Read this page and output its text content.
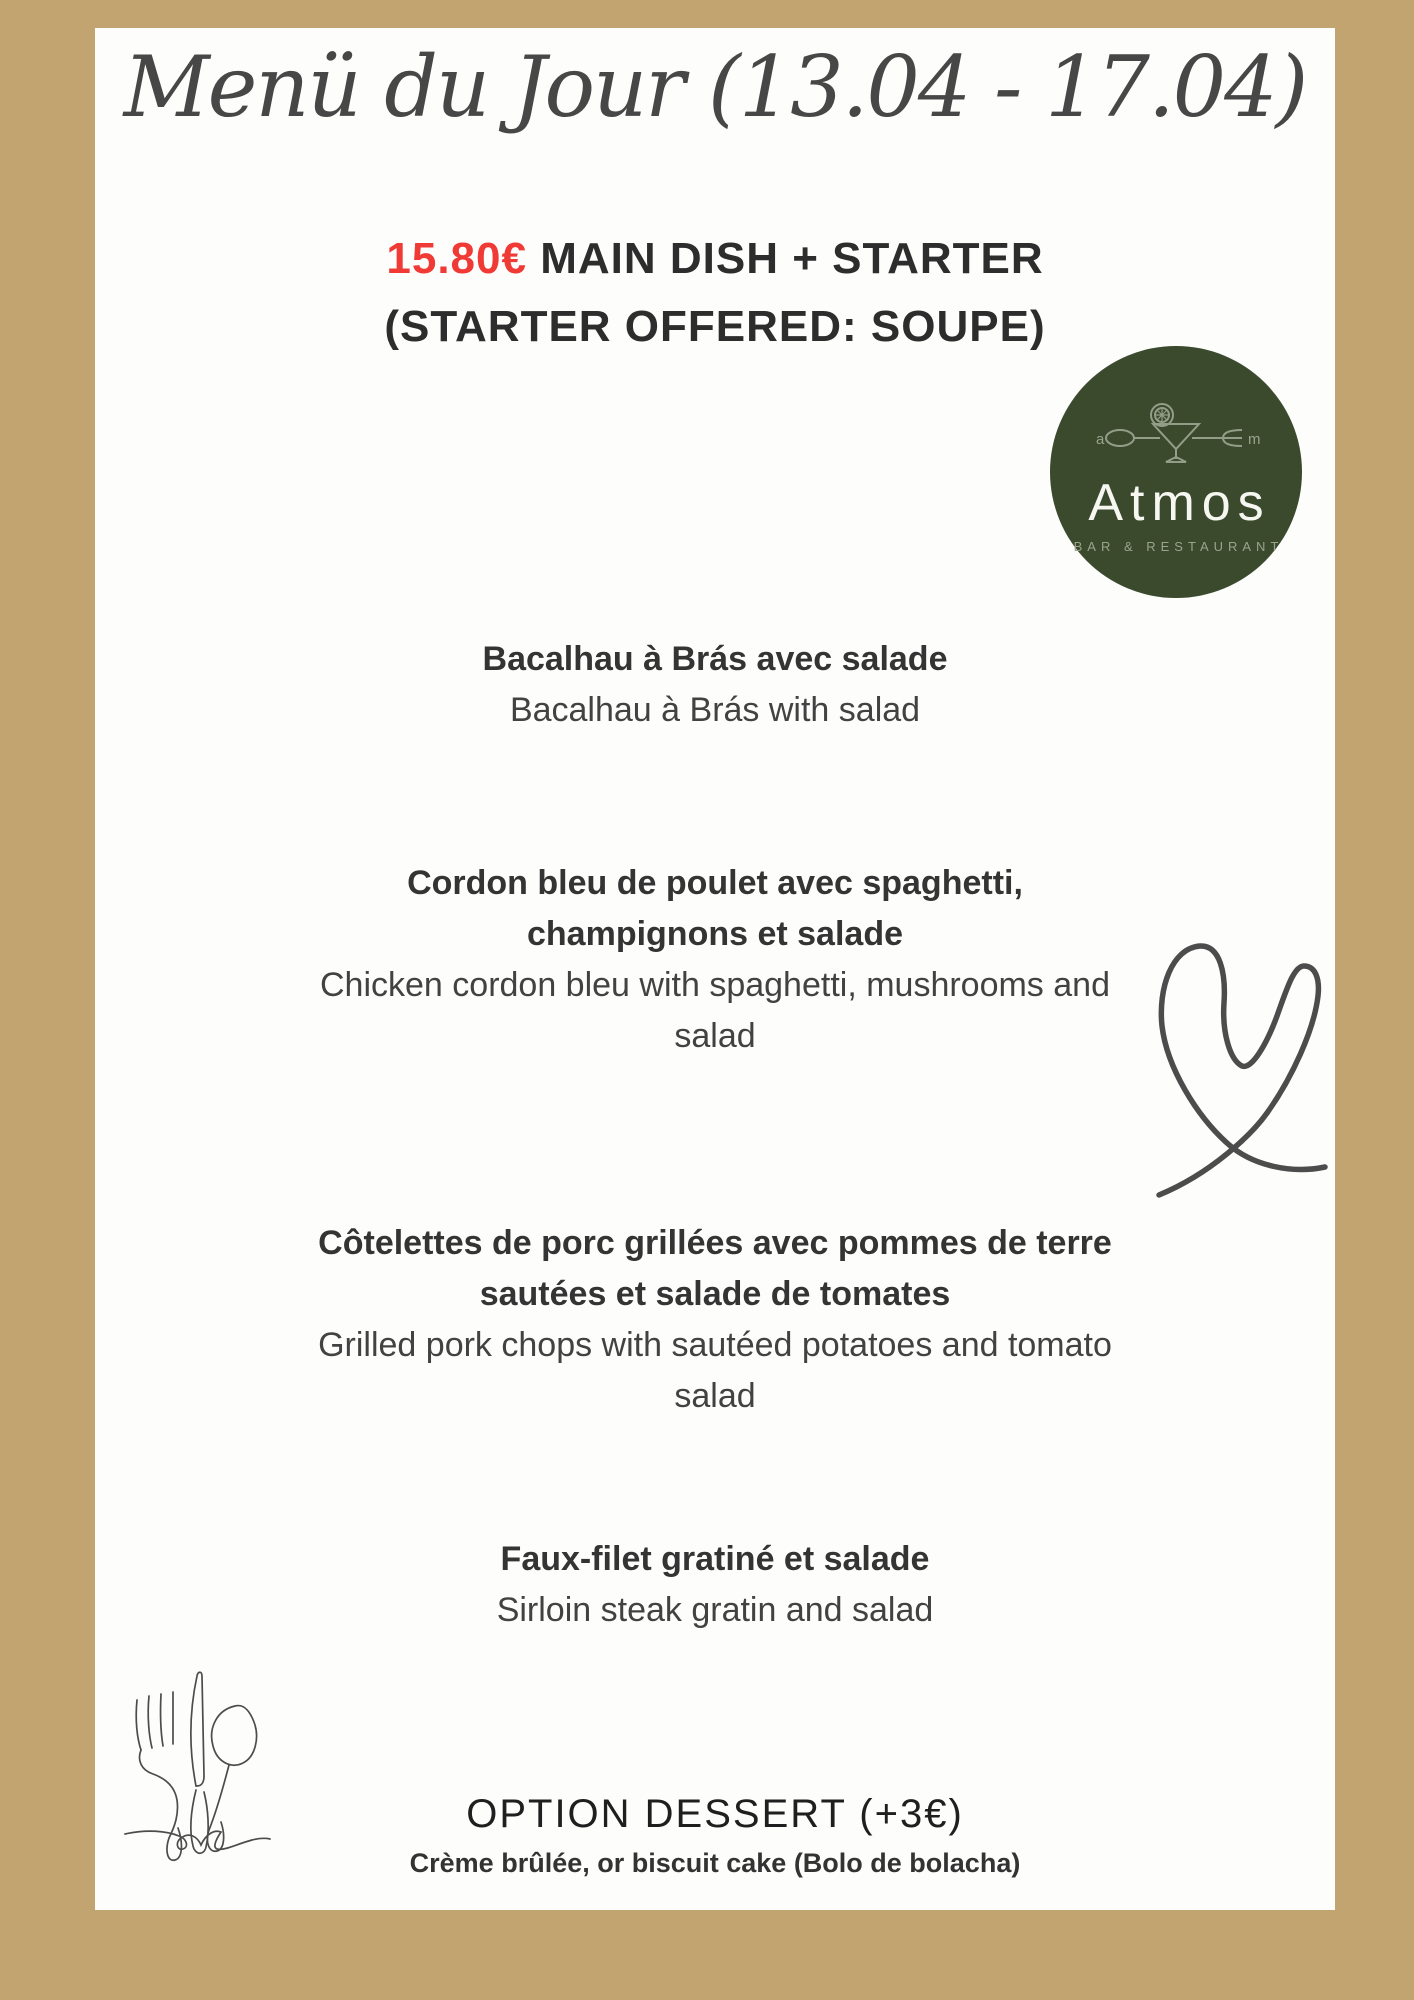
Menü du Jour (13.04 - 17.04)
15.80€ MAIN DISH + STARTER
(STARTER OFFERED: SOUPE)
a	m
Atmos
BAR & RESTAURANT
Bacalhau à Brás avec salade
Bacalhau à Brás with salad
Cordon bleu de poulet avec spaghetti, champignons et salade
Chicken cordon bleu with spaghetti, mushrooms and salad
Côtelettes de porc grillées avec pommes de terre sautées et salade de tomates
Grilled pork chops with sautéed potatoes and tomato salad
Faux-filet gratiné et salade
Sirloin steak gratin and salad
OPTION DESSERT (+3€)
Crème brûlée, or biscuit cake (Bolo de bolacha)
